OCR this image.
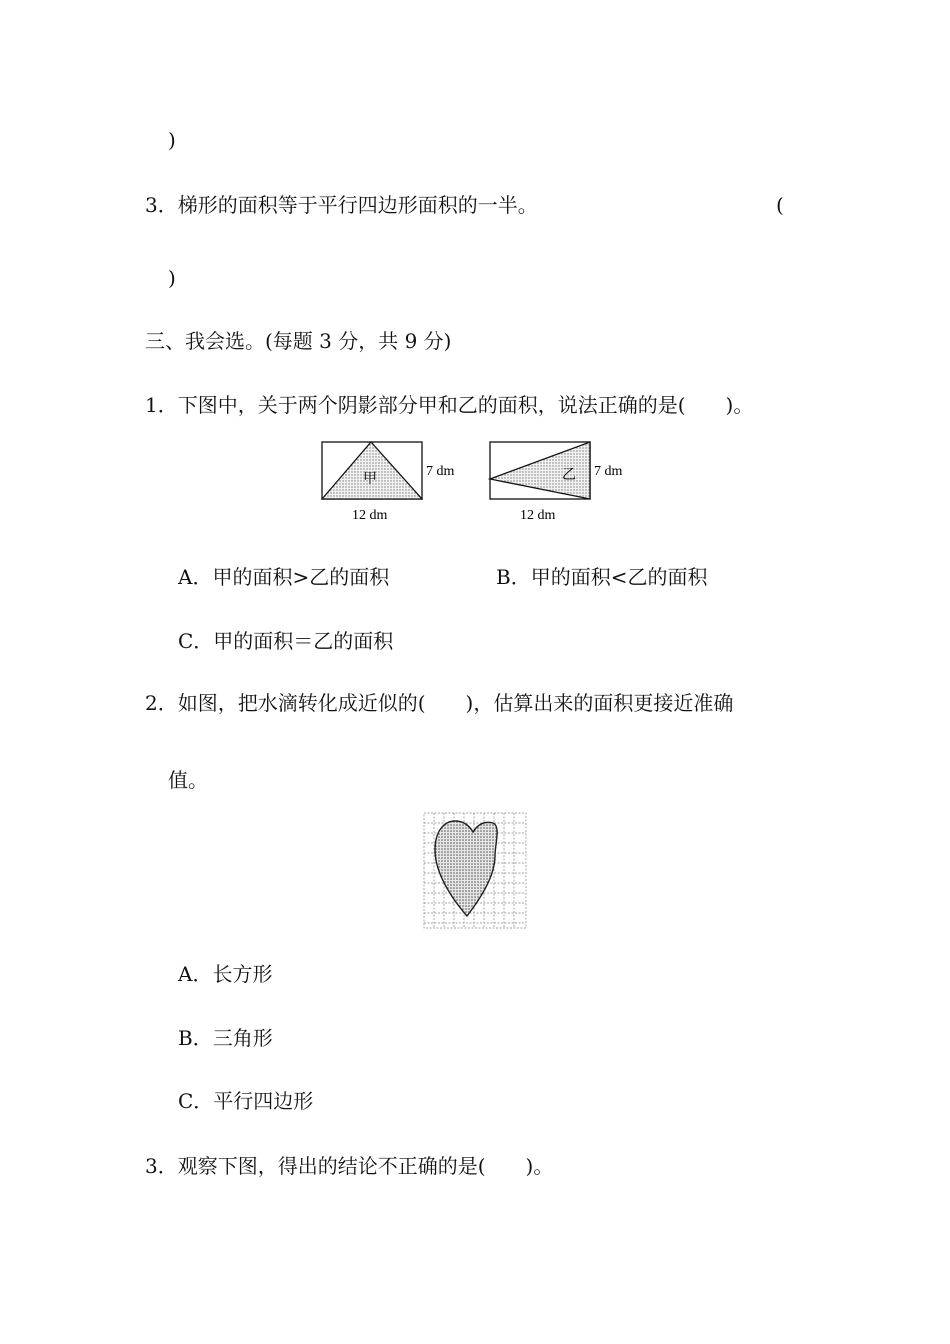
)
3．梯形的面积等于平行四边形面积的一半。	(
)
三、我会选。(每题 3 分，共 9 分)
1．下图中，关于两个阴影部分甲和乙的面积，说法正确的是(　　)。
甲
7 dm
12 dm
乙 7 dm
12 dm
A．甲的面积>乙的面积	B．甲的面积<乙的面积
C．甲的面积＝乙的面积
2．如图，把水滴转化成近似的(　　)，估算出来的面积更接近准确
值。
A．长方形
B．三角形
C．平行四边形
3．观察下图，得出的结论不正确的是(　　)。
